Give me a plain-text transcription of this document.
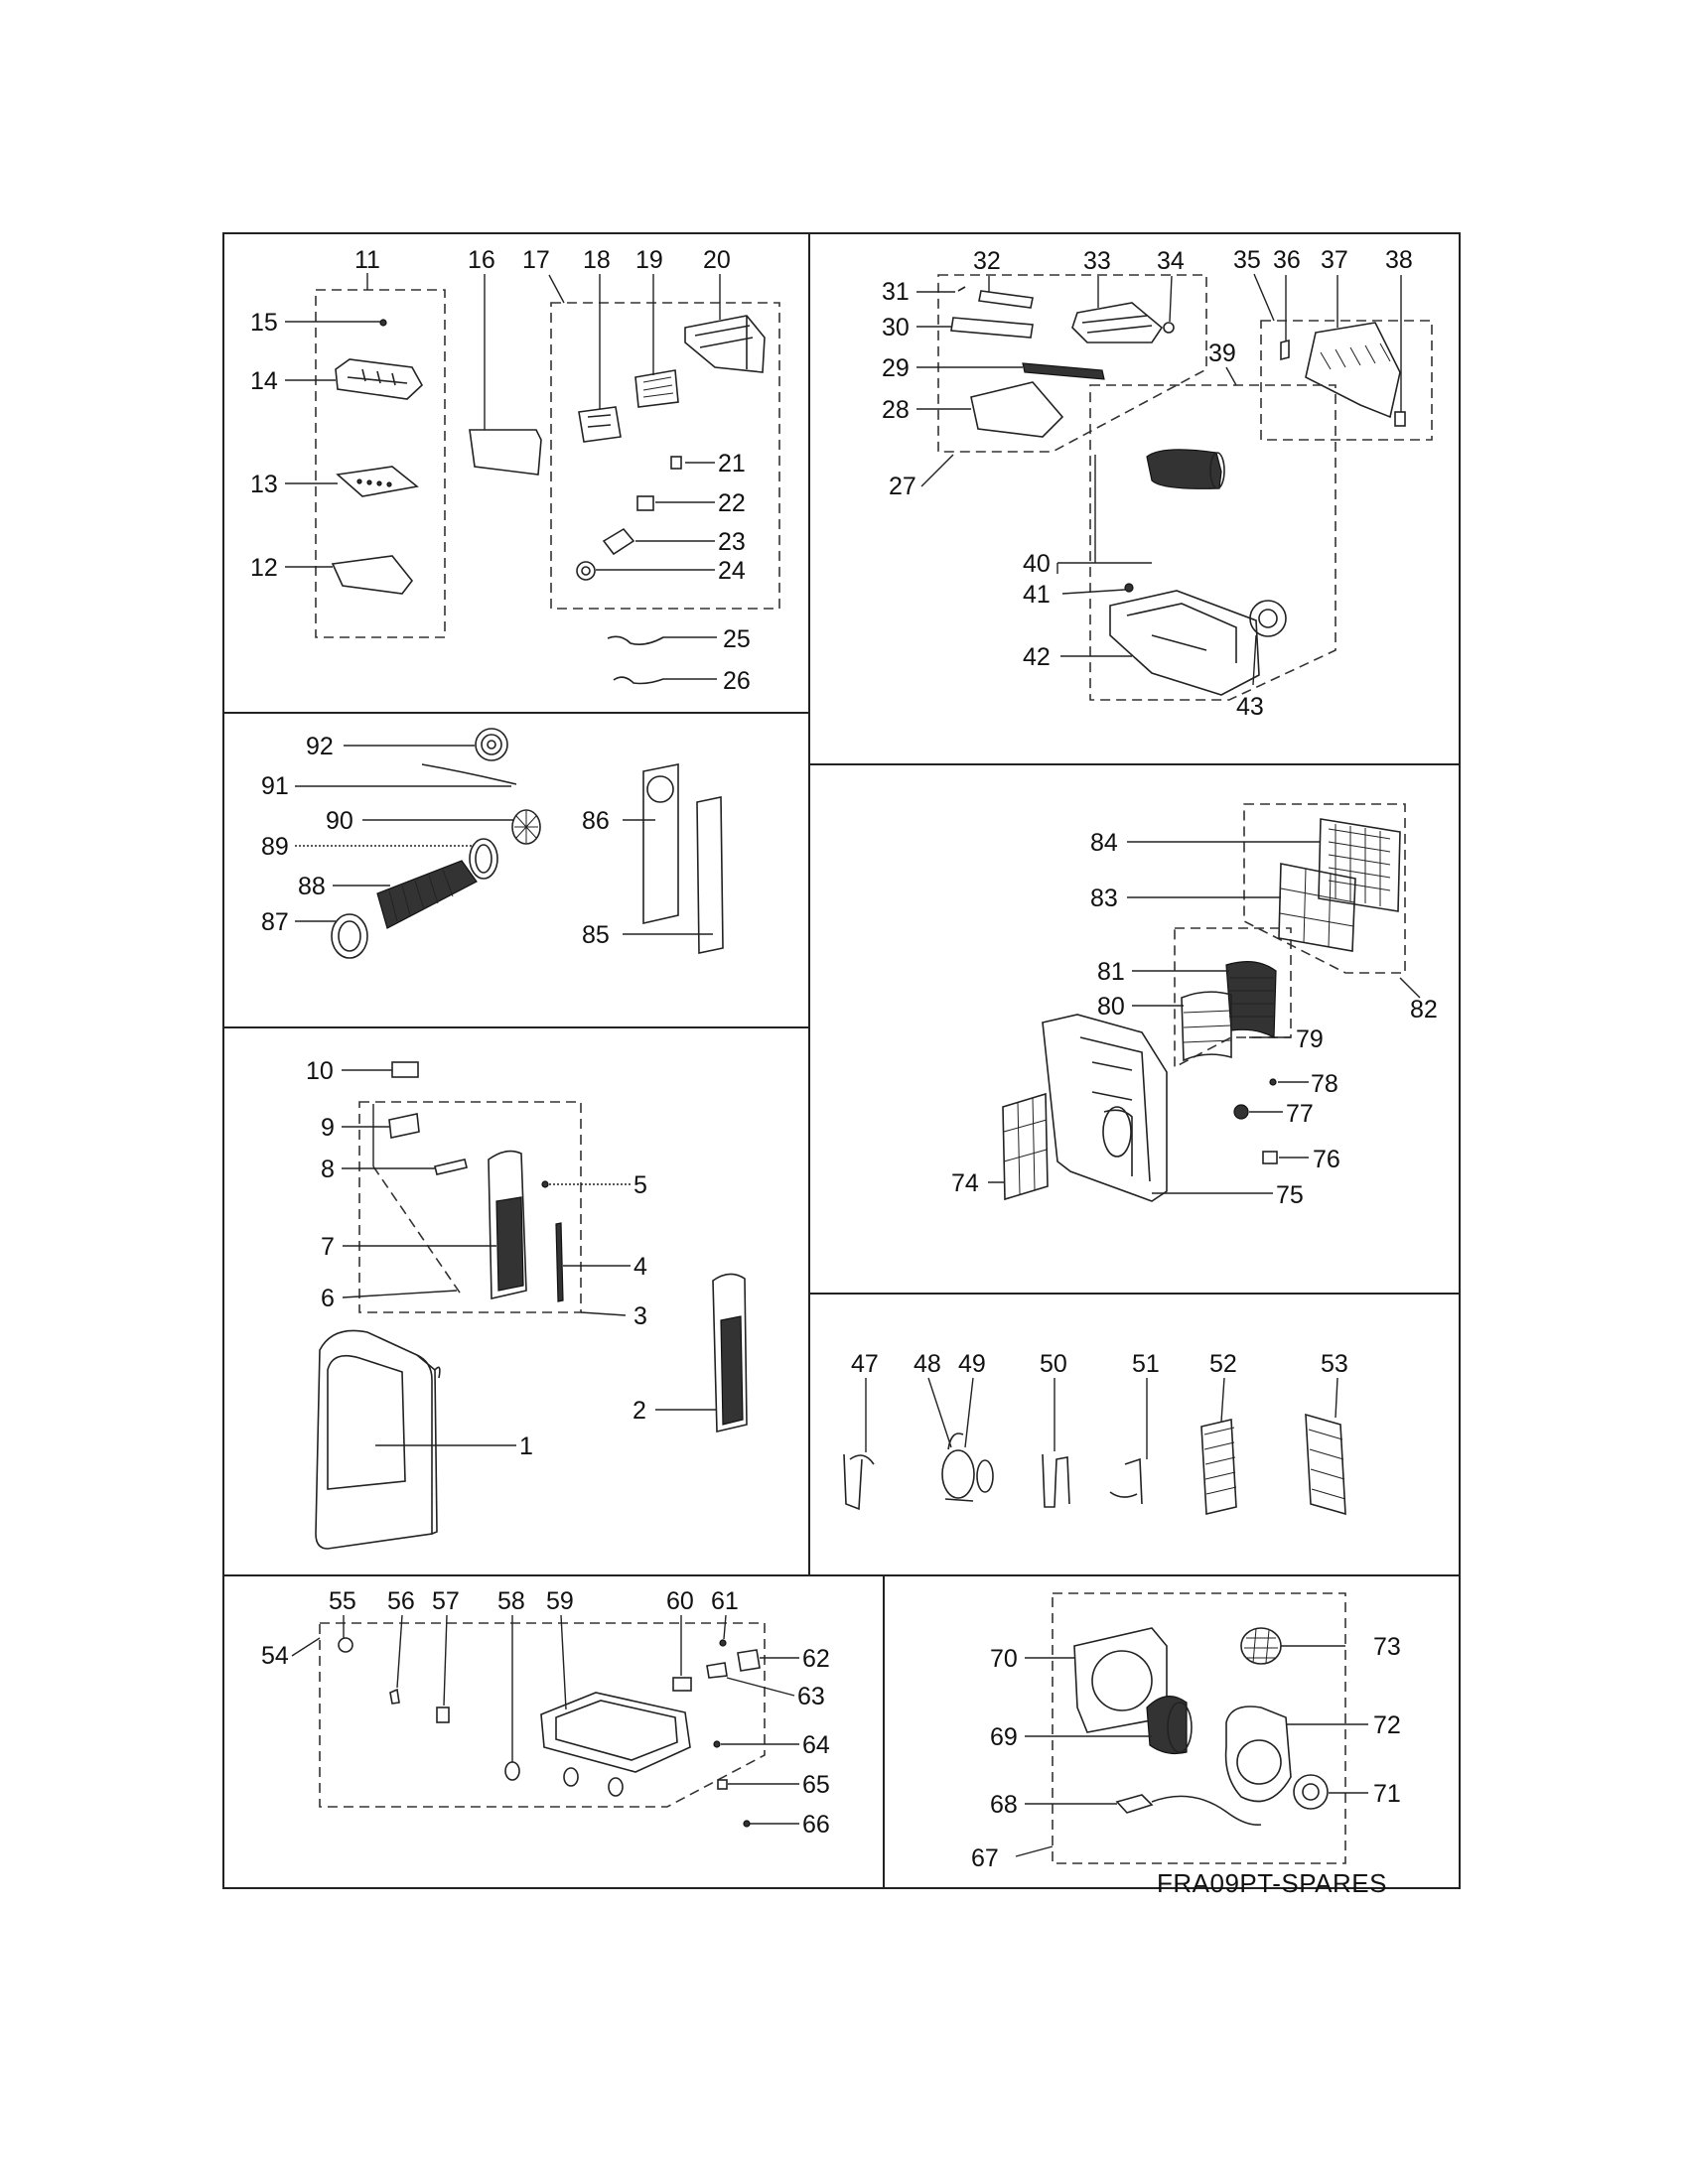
11
15
14
13
12
16 17 18 19 20
21
22
23
24
25
26
27
31
32
30
33 34
29
28
35 36 37 38
39
40
41
42
43
92
91
90
89
88
87
86
85
82
84
83
79
81
80
78
77
76
75
74
10
9
8
7
6
5
4
3
2
1
47 48 49 50	51 52	53
54
55 56 57 58 59	60 61
62
63
64
65
66
67
73
70
69	72
71
68
FRA09PT-SPARES
